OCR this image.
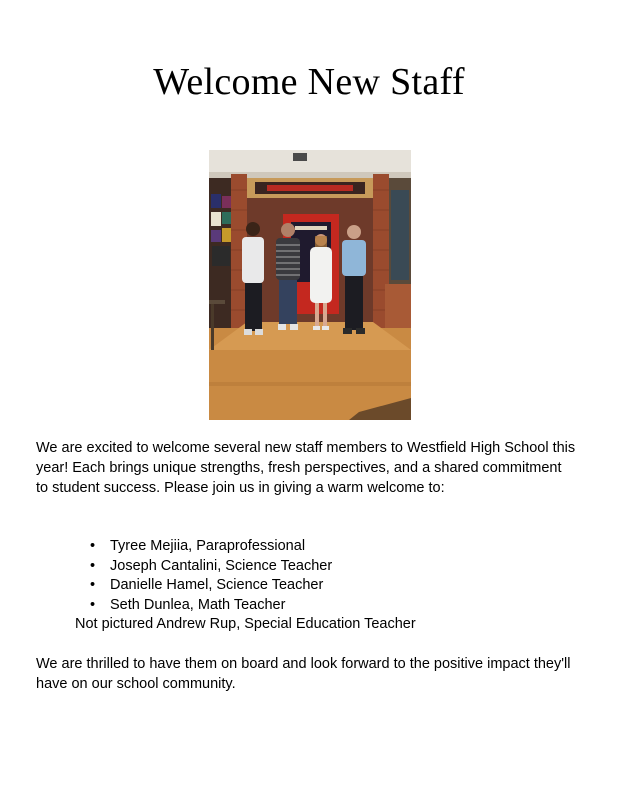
Welcome New Staff

We are excited to welcome several new staff members to Westfield High School this year! Each brings unique strengths, fresh perspectives, and a shared commitment to student success. Please join us in giving a warm welcome to:

• Tyree Mejiia, Paraprofessional
• Joseph Cantalini, Science Teacher
• Danielle Hamel, Science Teacher
• Seth Dunlea, Math Teacher

Not pictured Andrew Rup, Special Education Teacher

We are thrilled to have them on board and look forward to the positive impact they'll have on our school community.
